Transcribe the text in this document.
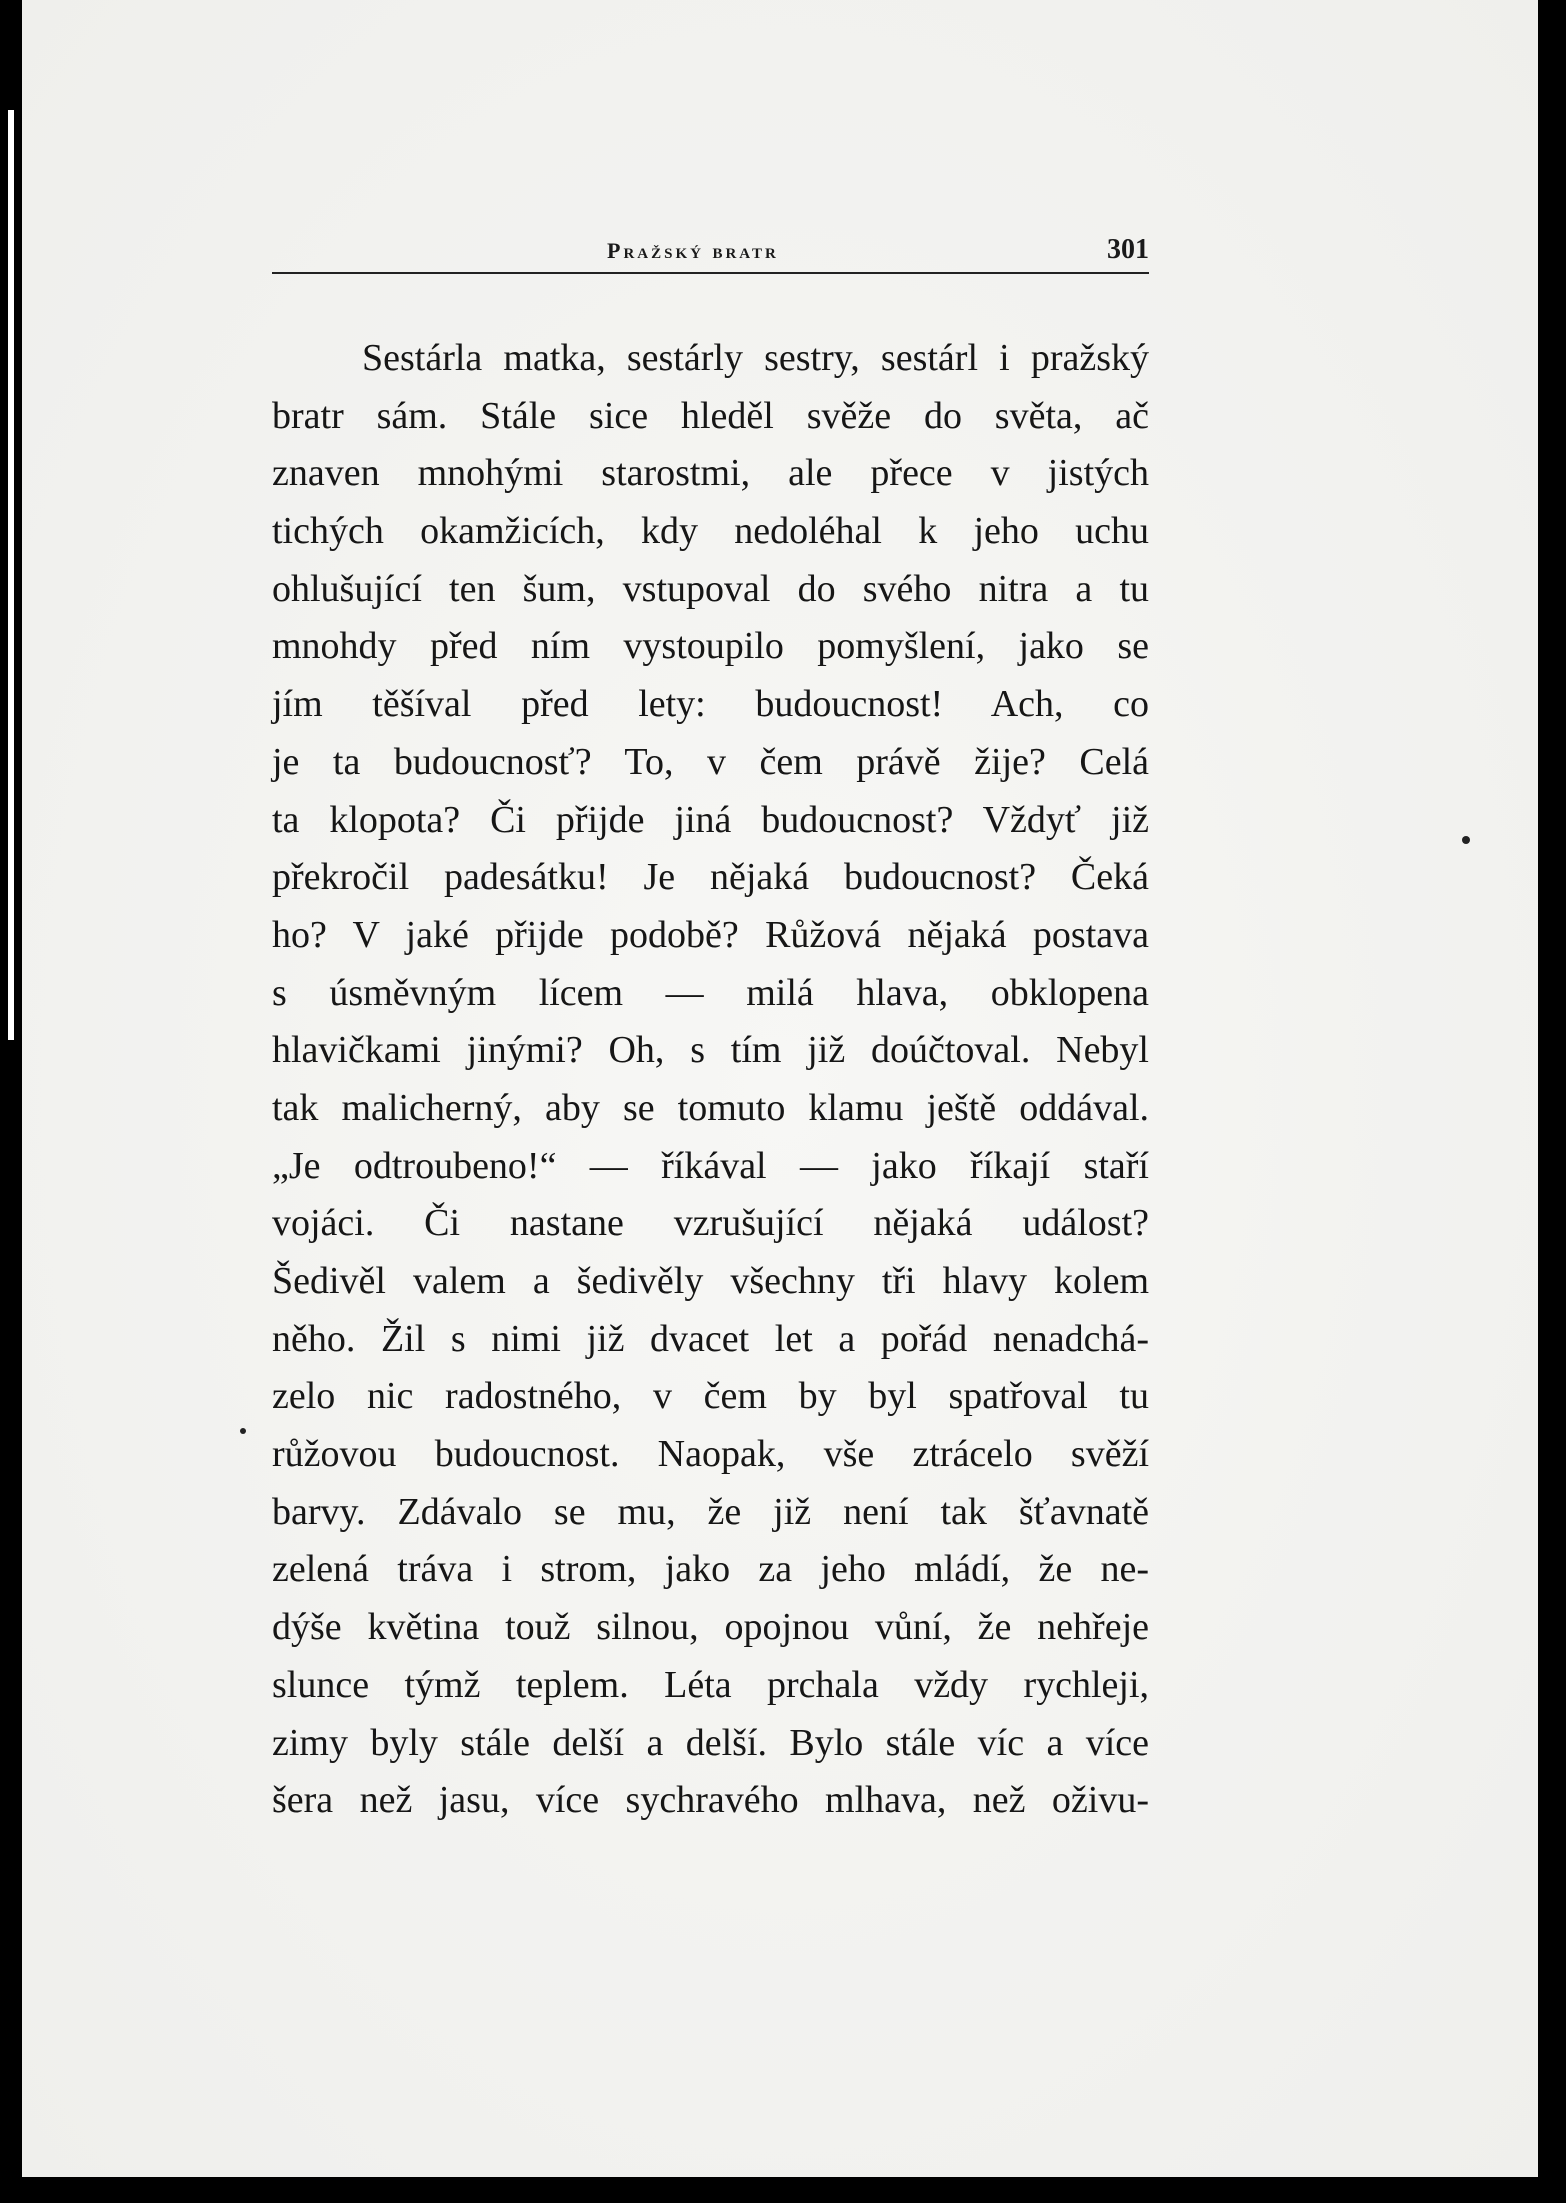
Pražský bratr	301
Sestárla matka, sestárly sestry, sestárl i pražský
bratr sám. Stále sice hleděl svěže do světa, ač
znaven mnohými starostmi, ale přece v jistých
tichých okamžicích, kdy nedoléhal k jeho uchu
ohlušující ten šum, vstupoval do svého nitra a tu
mnohdy před ním vystoupilo pomyšlení, jako se
jím těšíval před lety: budoucnost! Ach, co
je ta budoucnosť? To, v čem právě žije? Celá
ta klopota? Či přijde jiná budoucnost? Vždyť již
překročil padesátku! Je nějaká budoucnost? Čeká
ho? V jaké přijde podobě? Růžová nějaká postava
s úsměvným lícem — milá hlava, obklopena
hlavičkami jinými? Oh, s tím již doúčtoval. Nebyl
tak malicherný, aby se tomuto klamu ještě oddával.
„Je odtroubeno!“ — říkával — jako říkají staří
vojáci. Či nastane vzrušující nějaká událost?
Šedivěl valem a šedivěly všechny tři hlavy kolem
něho. Žil s nimi již dvacet let a pořád nenadchá-
zelo nic radostného, v čem by byl spatřoval tu
růžovou budoucnost. Naopak, vše ztrácelo svěží
barvy. Zdávalo se mu, že již není tak šťavnatě
zelená tráva i strom, jako za jeho mládí, že ne-
dýše květina touž silnou, opojnou vůní, že nehřeje
slunce týmž teplem. Léta prchala vždy rychleji,
zimy byly stále delší a delší. Bylo stále víc a více
šera než jasu, více sychravého mlhava, než oživu-
